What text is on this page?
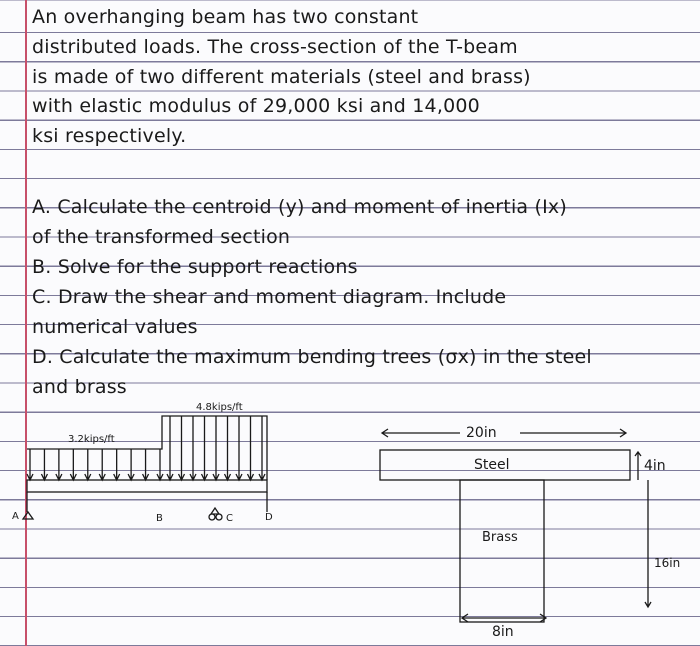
An overhanging beam has two constant
distributed loads. The cross-section of the T-beam
is made of two different materials (steel and brass)
with elastic modulus of 29,000 ksi and 14,000
ksi respectively.
A. Calculate the centroid (y) and moment of inertia (Ix)
of the transformed section
B. Solve for the support reactions
C. Draw the shear and moment diagram. Include
numerical values
D. Calculate the maximum bending trees (σx) in the steel
and brass
3.2kips/ft
4.8kips/ft
A	B	C	D
20in
Steel	4in
Brass
16in
8in
